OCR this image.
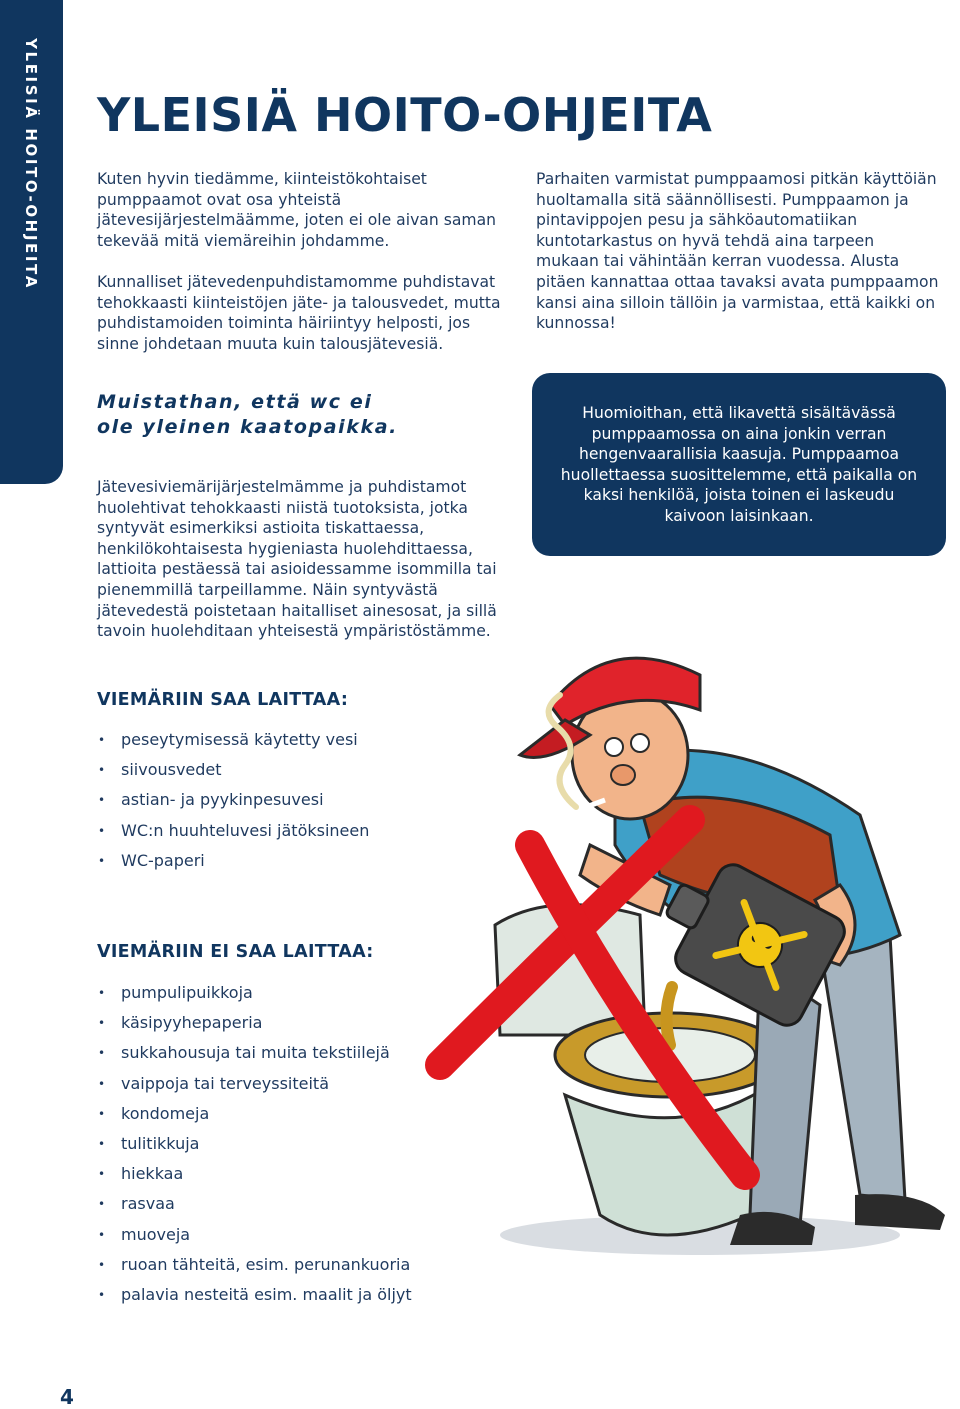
YLEISIÄ HOITO-OHJEITA YLEISIÄ HOITO-OHJEITA

Kuten hyvin tiedämme, kiinteistökohtaiset pumppaamot ovat osa yhteistä jätevesijärjestelmäämme, joten ei ole aivan saman tekevää mitä viemäreihin johdamme.

Kunnalliset jätevedenpuhdistamomme puhdistavat tehokkaasti kiinteistöjen jäte- ja talousvedet, mutta puhdistamoiden toiminta häiriintyy helposti, jos sinne johdetaan muuta kuin talousjätevesiä.

Parhaiten varmistat pumppaamosi pitkän käyttöiän huoltamalla sitä säännöllisesti. Pumppaamon ja pintavippojen pesu ja sähköautomatiikan kuntotarkastus on hyvä tehdä aina tarpeen mukaan tai vähintään kerran vuodessa. Alusta pitäen kannattaa ottaa tavaksi avata pumppaamon kansi aina silloin tällöin ja varmistaa, että kaikki on kunnossa!

Muistathan, että wc ei
ole yleinen kaatopaikka.

Huomioithan, että likavettä sisältävässä pumppaamossa on aina jonkin verran hengenvaarallisia kaasuja. Pumppaamoa huollettaessa suosittelemme, että paikalla on kaksi henkilöä, joista toinen ei laskeudu kaivoon laisinkaan.

Jätevesiviemärijärjestelmämme ja puhdistamot huolehtivat tehokkaasti niistä tuotoksista, jotka syntyvät esimerkiksi astioita tiskattaessa, henkilökohtaisesta hygieniasta huolehdittaessa, lattioita pestäessä tai asioidessamme isommilla tai pienemmillä tarpeillamme. Näin syntyvästä jätevedestä poistetaan haitalliset ainesosat, ja sillä tavoin huolehditaan yhteisestä ympäristöstämme.

VIEMÄRIIN SAA LAITTAA:
• peseytymisessä käytetty vesi
• siivousvedet
• astian- ja pyykinpesuvesi
• WC:n huuhteluvesi jätöksineen
• WC-paperi
VIEMÄRIIN EI SAA LAITTAA:
• pumpulipuikkoja
• käsipyyhepaperia
• sukkahousuja tai muita tekstiilejä
• vaippoja tai terveyssiteitä
• kondomeja
• tulitikkuja
• hiekkaa
• rasvaa
• muoveja
• ruoan tähteitä, esim. perunankuoria
• palavia nesteitä esim. maalit ja öljyt
4
